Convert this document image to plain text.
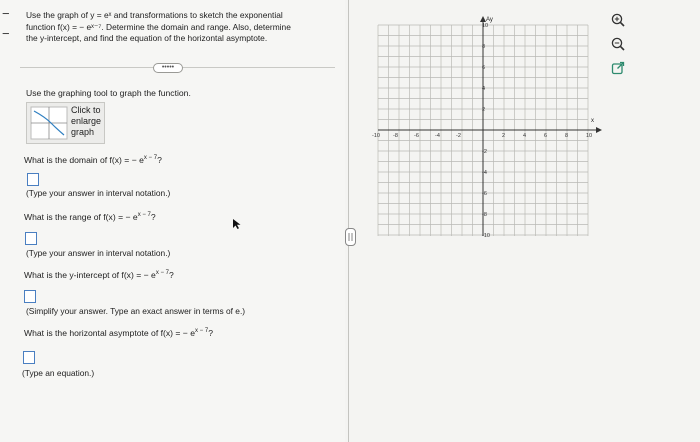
−
−
Use the graph of y = eˣ and transformations to sketch the exponential
function f(x) = − eˣ⁻⁷. Determine the domain and range. Also, determine
the y-intercept, and find the equation of the horizontal asymptote.
•••••
Use the graphing tool to graph the function.
Click to
enlarge
graph
What is the domain of f(x) = − $e^{x - 7}$?
(Type your answer in interval notation.)
What is the range of f(x) = − $e^{x - 7}$?
(Type your answer in interval notation.)
What is the y-intercept of f(x) = − $e^{x - 7}$?
(Simplify your answer. Type an exact answer in terms of e.)
What is the horizontal asymptote of f(x) = − $e^{x - 7}$?
(Type an equation.)
x
Ay
-10 -8	-6	-4	-2	2	4	6	8	10
10
8
6
4
2
-2
-4
-6
-8
-10
